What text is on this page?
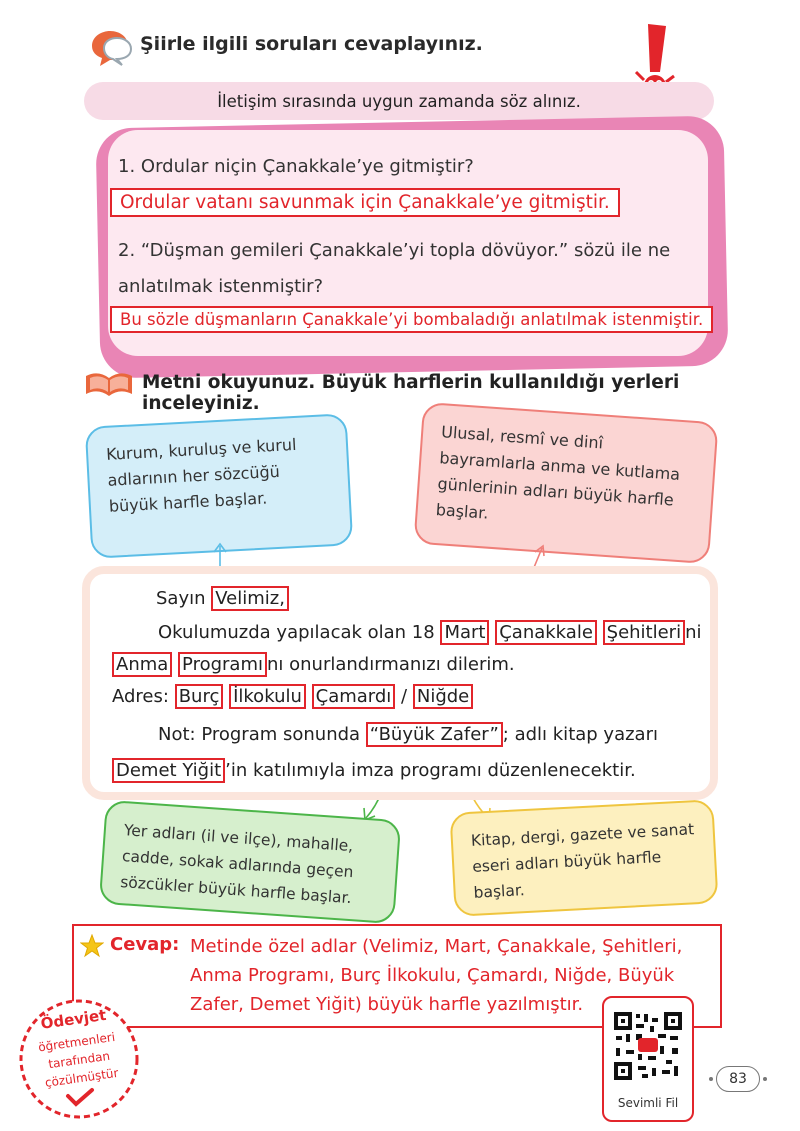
Şiirle ilgili soruları cevaplayınız.
İletişim sırasında uygun zamanda söz alınız.
1. Ordular niçin Çanakkale’ye gitmiştir?
Ordular vatanı savunmak için Çanakkale’ye gitmiştir.
2. “Düşman gemileri Çanakkale’yi topla dövüyor.” sözü ile ne
anlatılmak istenmiştir?
Bu sözle düşmanların Çanakkale’yi bombaladığı anlatılmak istenmiştir.
Metni okuyunuz. Büyük harflerin kullanıldığı yerleri inceleyiniz.
Kurum, kuruluş ve kurul adlarının her sözcüğü büyük harfle başlar.
Ulusal, resmî ve dinî bayramlarla anma ve kutlama günlerinin adları büyük harfle başlar.
Sayın Velimiz,
Okulumuzda yapılacak olan 18 Mart Çanakkale Şehitleri ni
Anma Programı nı onurlandırmanızı dilerim.
Adres: Burç İlkokulu Çamardı / Niğde
Not: Program sonunda “Büyük Zafer” ; adlı kitap yazarı
Demet Yiğit ’in katılımıyla imza programı düzenlenecektir.
Yer adları (il ve ilçe), mahalle, cadde, sokak adlarında geçen sözcükler büyük harfle başlar.
Kitap, dergi, gazete ve sanat eseri adları büyük harfle başlar.
Cevap: Metinde özel adlar (Velimiz, Mart, Çanakkale, Şehitleri, Anma Programı, Burç İlkokulu, Çamardı, Niğde, Büyük Zafer, Demet Yiğit) büyük harfle yazılmıştır.
Ödevjet
öğretmenleri
tarafından
çözülmüştür
Sevimli Fil
83
